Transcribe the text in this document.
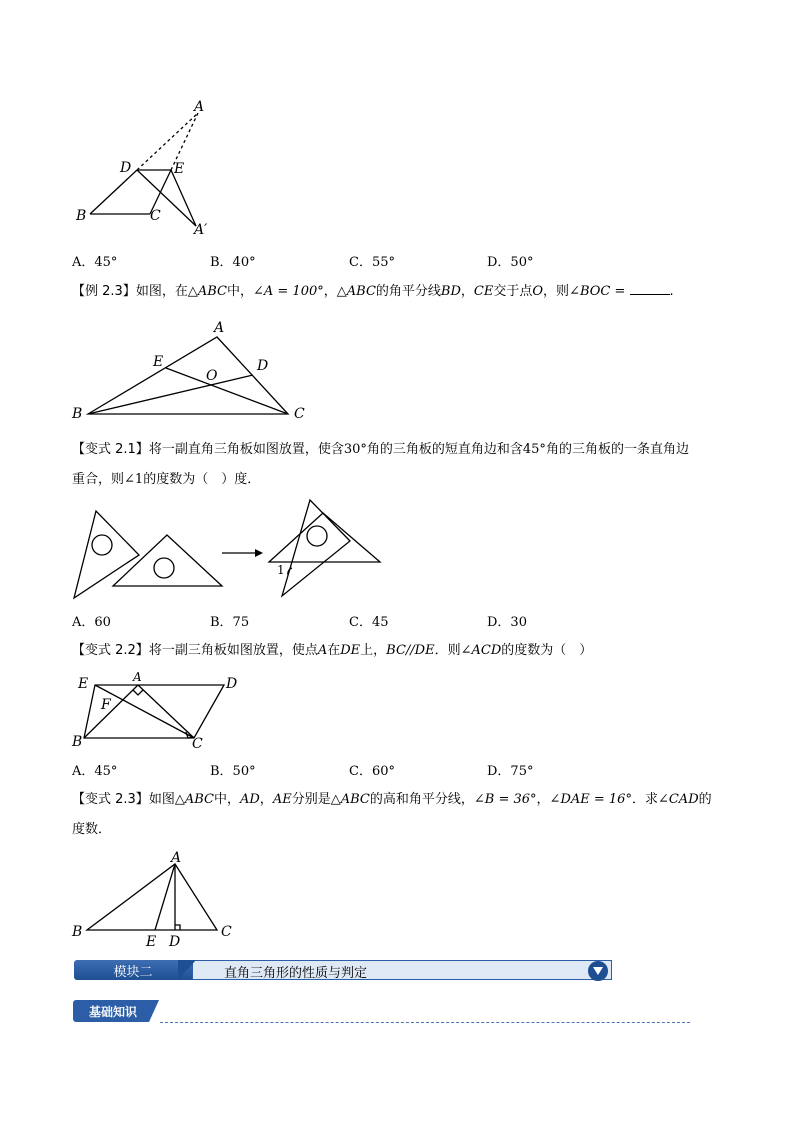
A
D	E
B	C
A′
A
E	D
O
B	C
1
E	A	D
F
B	C
A
B
E D
C
A．45°	B．40°	C．55°	D．50°
【例 2.3】如图，在△ABC中，∠A = 100°，△ABC的角平分线BD，CE交于点O，则∠BOC =	.
【变式 2.1】将一副直角三角板如图放置，使含30°角的三角板的短直角边和含45°角的三角板的一条直角边
重合，则∠1的度数为（　）度．
A．60	B．75	C．45	D．30
【变式 2.2】将一副三角板如图放置，使点A在DE上，BC//DE．则∠ACD的度数为（　）
A．45°	B．50°	C．60°	D．75°
【变式 2.3】如图△ABC中，AD，AE分别是△ABC的高和角平分线，∠B = 36°，∠DAE = 16°．求∠CAD的
度数．
模块二	直角三角形的性质与判定
基础知识
